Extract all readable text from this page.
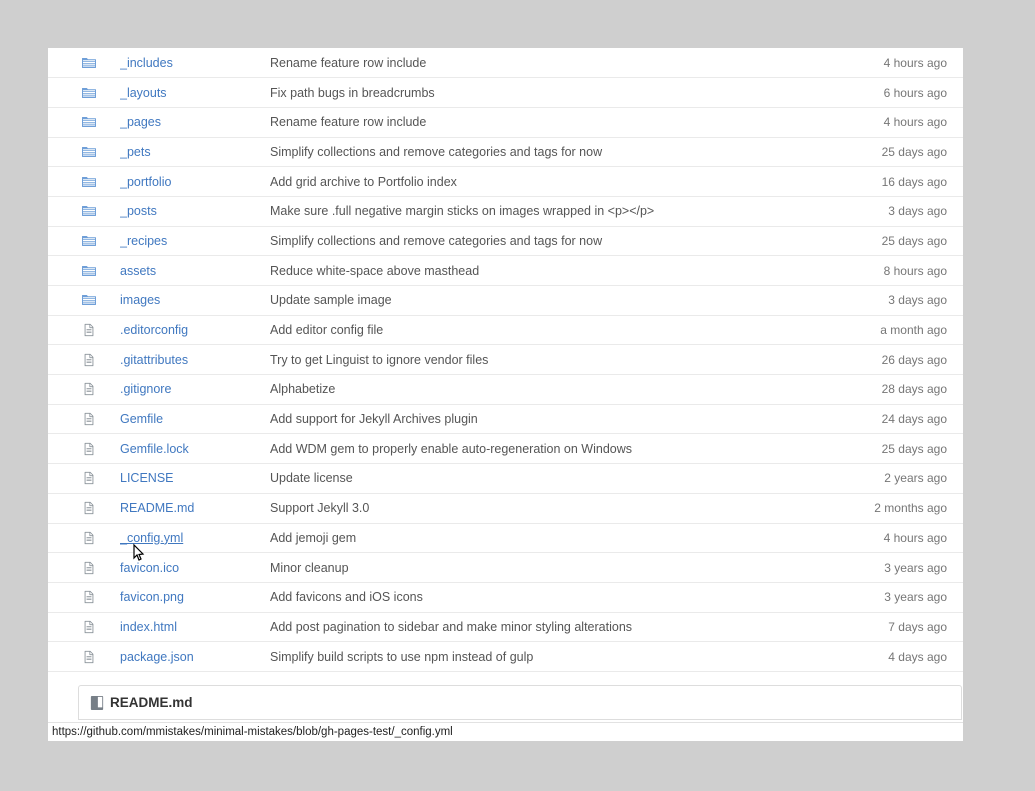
	_includes	Rename feature row include	4 hours ago

	_layouts	Fix path bugs in breadcrumbs	6 hours ago

	_pages	Rename feature row include	4 hours ago

	_pets	Simplify collections and remove categories and tags for now	25 days ago

	_portfolio	Add grid archive to Portfolio index	16 days ago

	_posts	Make sure .full negative margin sticks on images wrapped in <p></p>	3 days ago

	_recipes	Simplify collections and remove categories and tags for now	25 days ago

	assets	Reduce white-space above masthead	8 hours ago

	images	Update sample image	3 days ago

	.editorconfig	Add editor config file	a month ago

	.gitattributes	Try to get Linguist to ignore vendor files	26 days ago

	.gitignore	Alphabetize	28 days ago

	Gemfile	Add support for Jekyll Archives plugin	24 days ago

	Gemfile.lock	Add WDM gem to properly enable auto-regeneration on Windows	25 days ago

	LICENSE	Update license	2 years ago

	README.md	Support Jekyll 3.0	2 months ago

	_config.yml	Add jemoji gem	4 hours ago

	favicon.ico	Minor cleanup	3 years ago

	favicon.png	Add favicons and iOS icons	3 years ago

	index.html	Add post pagination to sidebar and make minor styling alterations	7 days ago

	package.json	Simplify build scripts to use npm instead of gulp	4 days ago
README.md
https://github.com/mmistakes/minimal-mistakes/blob/gh-pages-test/_config.yml
